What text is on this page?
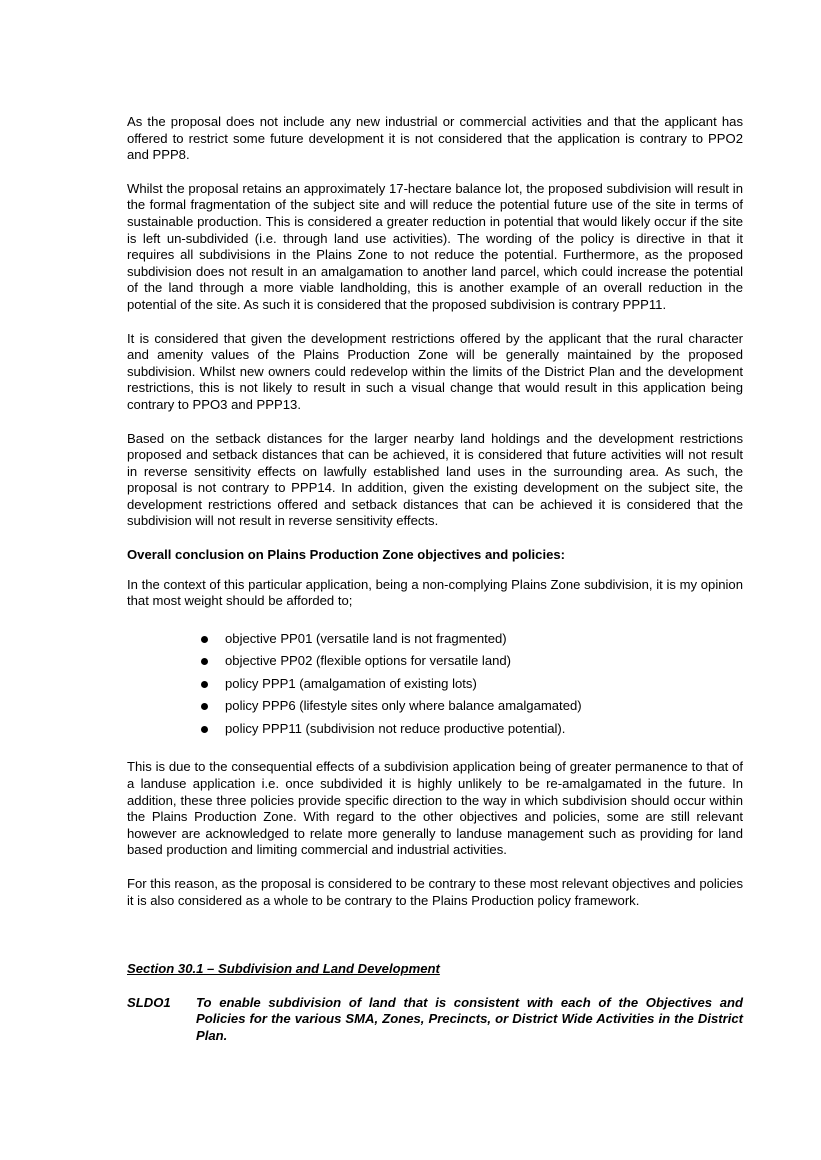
As the proposal does not include any new industrial or commercial activities and that the applicant has offered to restrict some future development it is not considered that the application is contrary to PPO2 and PPP8.

Whilst the proposal retains an approximately 17-hectare balance lot, the proposed subdivision will result in the formal fragmentation of the subject site and will reduce the potential future use of the site in terms of sustainable production. This is considered a greater reduction in potential that would likely occur if the site is left un-subdivided (i.e. through land use activities). The wording of the policy is directive in that it requires all subdivisions in the Plains Zone to not reduce the potential. Furthermore, as the proposed subdivision does not result in an amalgamation to another land parcel, which could increase the potential of the land through a more viable landholding, this is another example of an overall reduction in the potential of the site. As such it is considered that the proposed subdivision is contrary PPP11.

It is considered that given the development restrictions offered by the applicant that the rural character and amenity values of the Plains Production Zone will be generally maintained by the proposed subdivision. Whilst new owners could redevelop within the limits of the District Plan and the development restrictions, this is not likely to result in such a visual change that would result in this application being contrary to PPO3 and PPP13.

Based on the setback distances for the larger nearby land holdings and the development restrictions proposed and setback distances that can be achieved, it is considered that future activities will not result in reverse sensitivity effects on lawfully established land uses in the surrounding area. As such, the proposal is not contrary to PPP14. In addition, given the existing development on the subject site, the development restrictions offered and setback distances that can be achieved it is considered that the subdivision will not result in reverse sensitivity effects.

Overall conclusion on Plains Production Zone objectives and policies:

In the context of this particular application, being a non-complying Plains Zone subdivision, it is my opinion that most weight should be afforded to;

objective PP01 (versatile land is not fragmented)
objective PP02 (flexible options for versatile land)
policy PPP1 (amalgamation of existing lots)
policy PPP6 (lifestyle sites only where balance amalgamated)
policy PPP11 (subdivision not reduce productive potential).

This is due to the consequential effects of a subdivision application being of greater permanence to that of a landuse application i.e. once subdivided it is highly unlikely to be re-amalgamated in the future. In addition, these three policies provide specific direction to the way in which subdivision should occur within the Plains Production Zone. With regard to the other objectives and policies, some are still relevant however are acknowledged to relate more generally to landuse management such as providing for land based production and limiting commercial and industrial activities.

For this reason, as the proposal is considered to be contrary to these most relevant objectives and policies it is also considered as a whole to be contrary to the Plains Production policy framework.

Section 30.1 – Subdivision and Land Development

SLDO1	To enable subdivision of land that is consistent with each of the Objectives and Policies for the various SMA, Zones, Precincts, or District Wide Activities in the District Plan.
